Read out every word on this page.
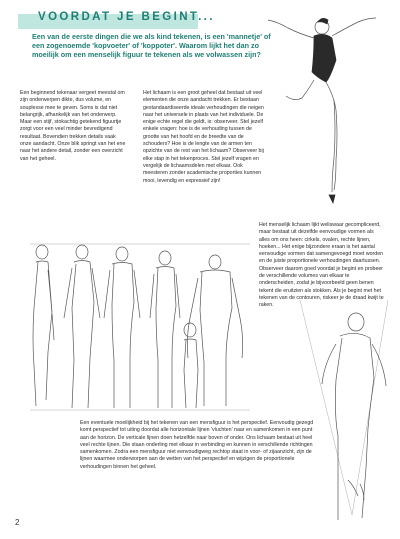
VOORDAT JE BEGINT...
Een van de eerste dingen die we als kind tekenen, is een 'mannetje' of een zogenoemde 'kopvoeter' of 'koppoter'. Waarom lijkt het dan zo moeilijk om een menselijk figuur te tekenen als we volwassen zijn?

Een beginnend tekenaar vergeet meestal om zijn onderwerpen dikte, dus volume, en souplesse mee te geven. Soms is dat niet belangrijk, afhankelijk van het onderwerp. Maar een stijf, stokachtig getekend figuurtje zorgt voor een veel minder bevredigend resultaat. Bovendien trekken details vaak onze aandacht. Onze blik springt van het ene naar het andere detail, zonder een overzicht van het geheel.

Het lichaam is een groot geheel dat bestaat uit veel elementen die onze aandacht trekken. Er bestaan gestandaardiseerde ideale verhoudingen die neigen naar het universele in plaats van het individuele. De enige echte regel die geldt, is: observeer. Stel jezelf enkele vragen: hoe is de verhouding tussen de grootte van het hoofd en de breedte van de schouders? Hoe is de lengte van de armen ten opzichte van de rest van het lichaam? Observeer bij elke stap in het tekenproces. Stel jezelf vragen en vergelijk de lichaamsdelen met elkaar. Ook meesteren zonder academische proporties kunnen mooi, levendig en expressief zijn!

Het menselijk lichaam lijkt weliswaar gecompliceerd, maar bestaat uit dezelfde eenvoudige vormen als alles om ons heen: cirkels, ovalen, rechte lijnen, hoeken... Het enige bijzondere eraan is het aantal eenvoudige vormen dat samengevoegd moet worden en de juiste proportionele verhoudingen daartussen. Observeer daarom goed voordat je begint en probeer de verschillende volumes van elkaar te onderscheiden, zodat je bijvoorbeeld geen benen tekent die eruitzien als stokken. Als je begint met het tekenen van de contouren, riskeer je de draad kwijt te raken.

Een eventuele moeilijkheid bij het tekenen van een mensfiguur is het perspectief. Eenvoudig gezegd komt perspectief tot uiting doordat alle horizontale lijnen 'vluchten' naar en samenkomen in een punt aan de horizon. De verticale lijnen doen hetzelfde naar boven of onder. Ons lichaam bestaat uit heel veel rechte lijnen. Die staan onderling met elkaar in verbinding en kunnen in verschillende richtingen samenkomen. Zodra een mensfiguur niet eenvoudigweg rechtop staat in voor- of zijaanzicht, zijn de lijnen waarmee onderworpen aan de wetten van het perspectief en wijzigen de proportionele verhoudingen binnen het geheel.

2
